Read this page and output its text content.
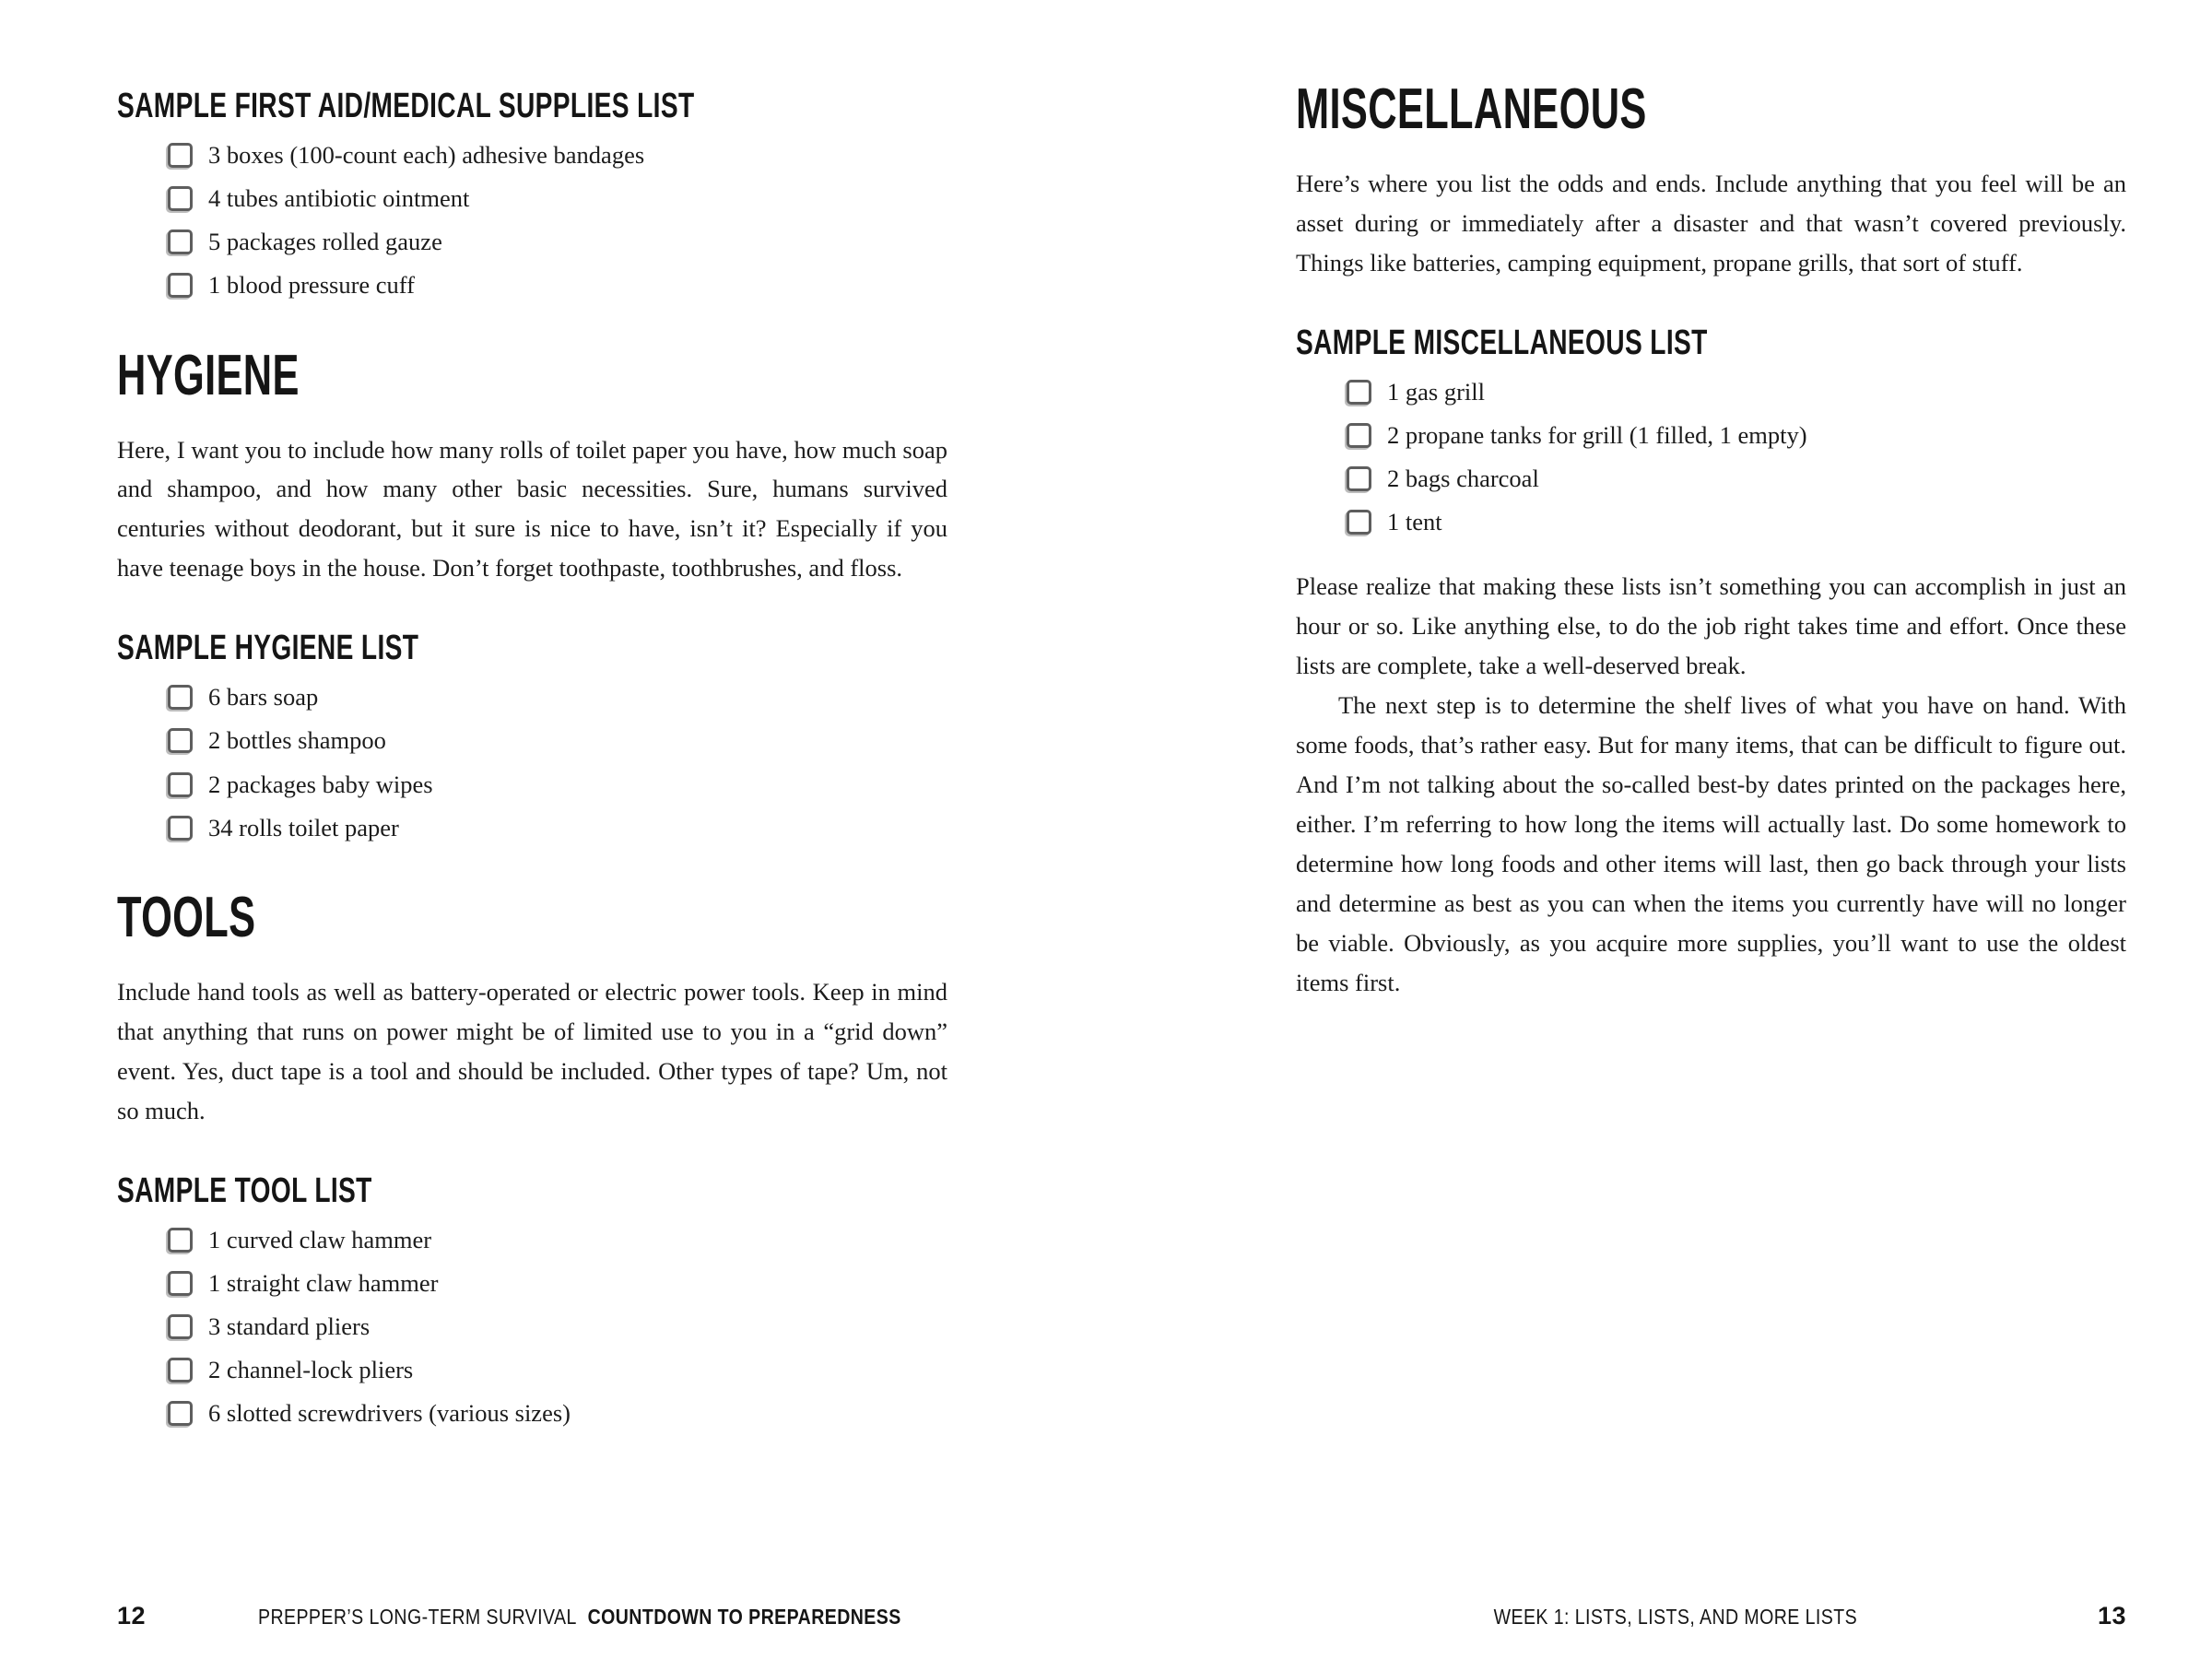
SAMPLE FIRST AID/MEDICAL SUPPLIES LIST
3 boxes (100-count each) adhesive bandages
4 tubes antibiotic ointment
5 packages rolled gauze
1 blood pressure cuff
HYGIENE

Here, I want you to include how many rolls of toilet paper you have, how much soap and shampoo, and how many other basic necessities. Sure, humans survived centuries without deodorant, but it sure is nice to have, isn’t it? Especially if you have teenage boys in the house. Don’t forget toothpaste, toothbrushes, and floss.

SAMPLE HYGIENE LIST
6 bars soap
2 bottles shampoo
2 packages baby wipes
34 rolls toilet paper
TOOLS

Include hand tools as well as battery-operated or electric power tools. Keep in mind that anything that runs on power might be of limited use to you in a “grid down” event. Yes, duct tape is a tool and should be included. Other types of tape? Um, not so much.

SAMPLE TOOL LIST
1 curved claw hammer
1 straight claw hammer
3 standard pliers
2 channel-lock pliers
6 slotted screwdrivers (various sizes)
MISCELLANEOUS

Here’s where you list the odds and ends. Include anything that you feel will be an asset during or immediately after a disaster and that wasn’t covered previously. Things like batteries, camping equipment, propane grills, that sort of stuff.

SAMPLE MISCELLANEOUS LIST
1 gas grill
2 propane tanks for grill (1 filled, 1 empty)
2 bags charcoal
1 tent

Please realize that making these lists isn’t something you can accomplish in just an hour or so. Like anything else, to do the job right takes time and effort. Once these lists are complete, take a well-deserved break.

The next step is to determine the shelf lives of what you have on hand. With some foods, that’s rather easy. But for many items, that can be difficult to figure out. And I’m not talking about the so-called best-by dates printed on the packages here, either. I’m referring to how long the items will actually last. Do some homework to determine how long foods and other items will last, then go back through your lists and determine as best as you can when the items you currently have will no longer be viable. Obviously, as you acquire more supplies, you’ll want to use the oldest items first.

12	PREPPER’S LONG-TERM SURVIVAL COUNTDOWN TO PREPAREDNESS	WEEK 1: LISTS, LISTS, AND MORE LISTS	13
